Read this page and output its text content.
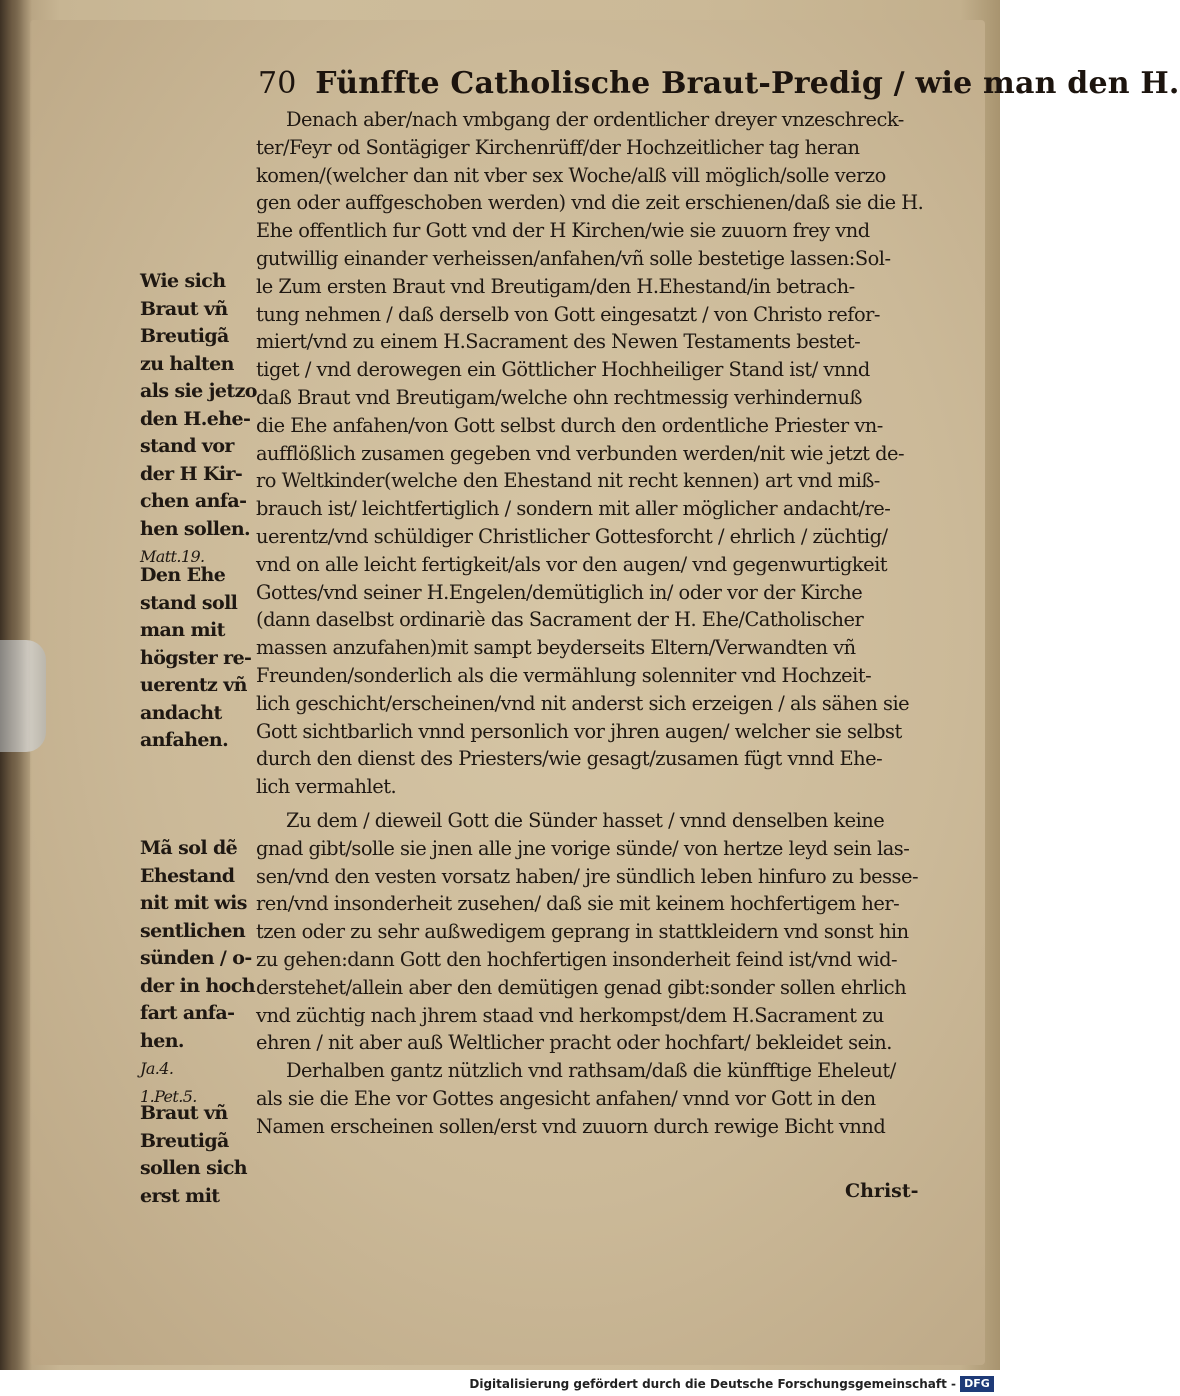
70 Fünffte Catholische Braut-Predig / wie man den H.
Denach aber/nach vmbgang der ordentlicher dreyer vnzeschreck-
ter/Feyr od Sontägiger Kirchenrüff/der Hochzeitlicher tag heran
komen/(welcher dan nit vber sex Woche/alß vill möglich/solle verzo
gen oder auffgeschoben werden) vnd die zeit erschienen/daß sie die H.
Ehe offentlich fur Gott vnd der H Kirchen/wie sie zuuorn frey vnd
gutwillig einander verheissen/anfahen/vñ solle bestetige lassen:Sol-
le Zum ersten Braut vnd Breutigam/den H.Ehestand/in betrach-
tung nehmen / daß derselb von Gott eingesatzt / von Christo refor-
miert/vnd zu einem H.Sacrament des Newen Testaments bestet-
tiget / vnd derowegen ein Göttlicher Hochheiliger Stand ist/ vnnd
daß Braut vnd Breutigam/welche ohn rechtmessig verhindernuß
die Ehe anfahen/von Gott selbst durch den ordentliche Priester vn-
aufflößlich zusamen gegeben vnd verbunden werden/nit wie jetzt de-
ro Weltkinder(welche den Ehestand nit recht kennen) art vnd miß-
brauch ist/ leichtfertiglich / sondern mit aller möglicher andacht/re-
uerentz/vnd schüldiger Christlicher Gottesforcht / ehrlich / züchtig/
vnd on alle leicht fertigkeit/als vor den augen/ vnd gegenwurtigkeit
Gottes/vnd seiner H.Engelen/demütiglich in/ oder vor der Kirche
(dann daselbst ordinariè das Sacrament der H. Ehe/Catholischer
massen anzufahen)mit sampt beyderseits Eltern/Verwandten vñ
Freunden/sonderlich als die vermählung solenniter vnd Hochzeit-
lich geschicht/erscheinen/vnd nit anderst sich erzeigen / als sähen sie
Gott sichtbarlich vnnd personlich vor jhren augen/ welcher sie selbst
durch den dienst des Priesters/wie gesagt/zusamen fügt vnnd Ehe-
lich vermahlet.
Zu dem / dieweil Gott die Sünder hasset / vnnd denselben keine
gnad gibt/solle sie jnen alle jne vorige sünde/ von hertze leyd sein las-
sen/vnd den vesten vorsatz haben/ jre sündlich leben hinfuro zu besse-
ren/vnd insonderheit zusehen/ daß sie mit keinem hochfertigem her-
tzen oder zu sehr außwedigem geprang in stattkleidern vnd sonst hin
zu gehen:dann Gott den hochfertigen insonderheit feind ist/vnd wid-
derstehet/allein aber den demütigen genad gibt:sonder sollen ehrlich
vnd züchtig nach jhrem staad vnd herkompst/dem H.Sacrament zu
ehren / nit aber auß Weltlicher pracht oder hochfart/ bekleidet sein.
Derhalben gantz nützlich vnd rathsam/daß die künfftige Eheleut/
als sie die Ehe vor Gottes angesicht anfahen/ vnnd vor Gott in den
Namen erscheinen sollen/erst vnd zuuorn durch rewige Bicht vnnd
Wie sich
Braut vñ
Breutigã
zu halten
als sie jetzo
den H.ehe-
stand vor
der H Kir-
chen anfa-
hen sollen.
Matt.19.
Den Ehe
stand soll
man mit
högster re-
uerentz vñ
andacht
anfahen.
Mã sol dẽ
Ehestand
nit mit wis
sentlichen
sünden / o-
der in hoch
fart anfa-
hen.
Ja.4.
1.Pet.5.
Braut vñ
Breutigã
sollen sich
erst mit	Christ-
Digitalisierung gefördert durch die Deutsche Forschungsgemeinschaft - DFG
